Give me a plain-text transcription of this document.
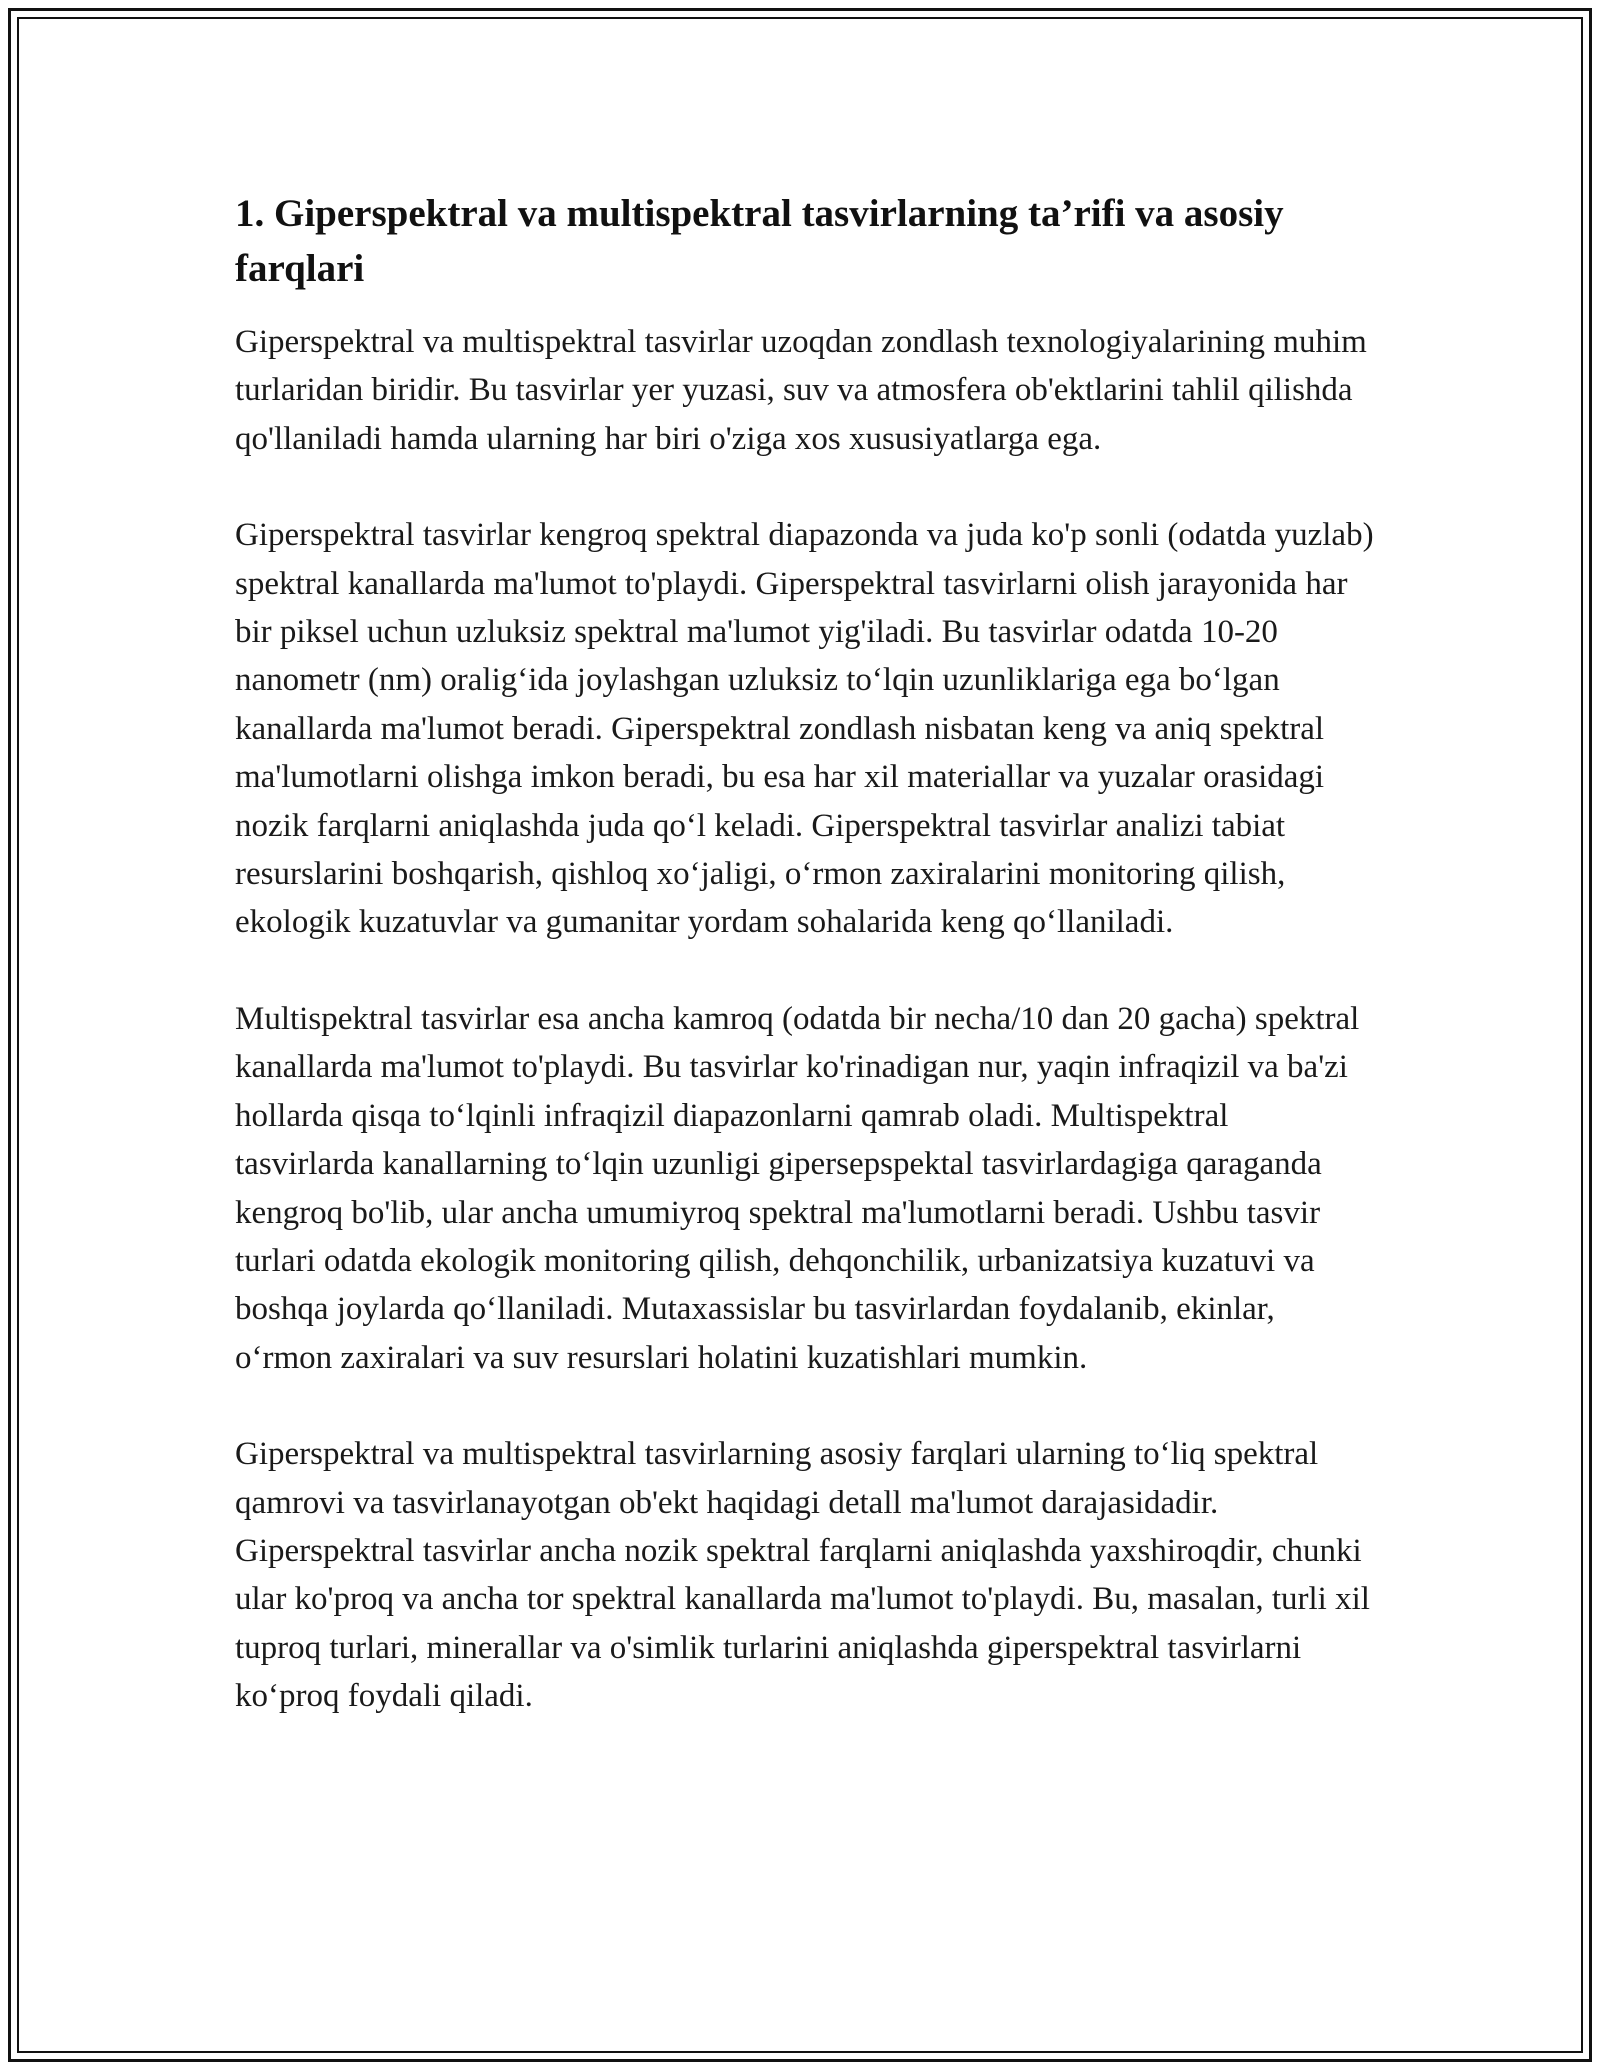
1. Giperspektral va multispektral tasvirlarning ta’rifi va asosiy farqlari

Giperspektral va multispektral tasvirlar uzoqdan zondlash texnologiyalarining muhim turlaridan biridir. Bu tasvirlar yer yuzasi, suv va atmosfera ob'ektlarini tahlil qilishda qo'llaniladi hamda ularning har biri o'ziga xos xususiyatlarga ega.

Giperspektral tasvirlar kengroq spektral diapazonda va juda ko'p sonli (odatda yuzlab) spektral kanallarda ma'lumot to'playdi. Giperspektral tasvirlarni olish jarayonida har bir piksel uchun uzluksiz spektral ma'lumot yig'iladi. Bu tasvirlar odatda 10-20 nanometr (nm) oralig‘ida joylashgan uzluksiz to‘lqin uzunliklariga ega bo‘lgan kanallarda ma'lumot beradi. Giperspektral zondlash nisbatan keng va aniq spektral ma'lumotlarni olishga imkon beradi, bu esa har xil materiallar va yuzalar orasidagi nozik farqlarni aniqlashda juda qo‘l keladi. Giperspektral tasvirlar analizi tabiat resurslarini boshqarish, qishloq xo‘jaligi, o‘rmon zaxiralarini monitoring qilish, ekologik kuzatuvlar va gumanitar yordam sohalarida keng qo‘llaniladi.

Multispektral tasvirlar esa ancha kamroq (odatda bir necha/10 dan 20 gacha) spektral kanallarda ma'lumot to'playdi. Bu tasvirlar ko'rinadigan nur, yaqin infraqizil va ba'zi hollarda qisqa to‘lqinli infraqizil diapazonlarni qamrab oladi. Multispektral tasvirlarda kanallarning to‘lqin uzunligi gipersepspektal tasvirlardagiga qaraganda kengroq bo'lib, ular ancha umumiyroq spektral ma'lumotlarni beradi. Ushbu tasvir turlari odatda ekologik monitoring qilish, dehqonchilik, urbanizatsiya kuzatuvi va boshqa joylarda qo‘llaniladi. Mutaxassislar bu tasvirlardan foydalanib, ekinlar, o‘rmon zaxiralari va suv resurslari holatini kuzatishlari mumkin.

Giperspektral va multispektral tasvirlarning asosiy farqlari ularning to‘liq spektral qamrovi va tasvirlanayotgan ob'ekt haqidagi detall ma'lumot darajasidadir. Giperspektral tasvirlar ancha nozik spektral farqlarni aniqlashda yaxshiroqdir, chunki ular ko'proq va ancha tor spektral kanallarda ma'lumot to'playdi. Bu, masalan, turli xil tuproq turlari, minerallar va o'simlik turlarini aniqlashda giperspektral tasvirlarni ko‘proq foydali qiladi.
